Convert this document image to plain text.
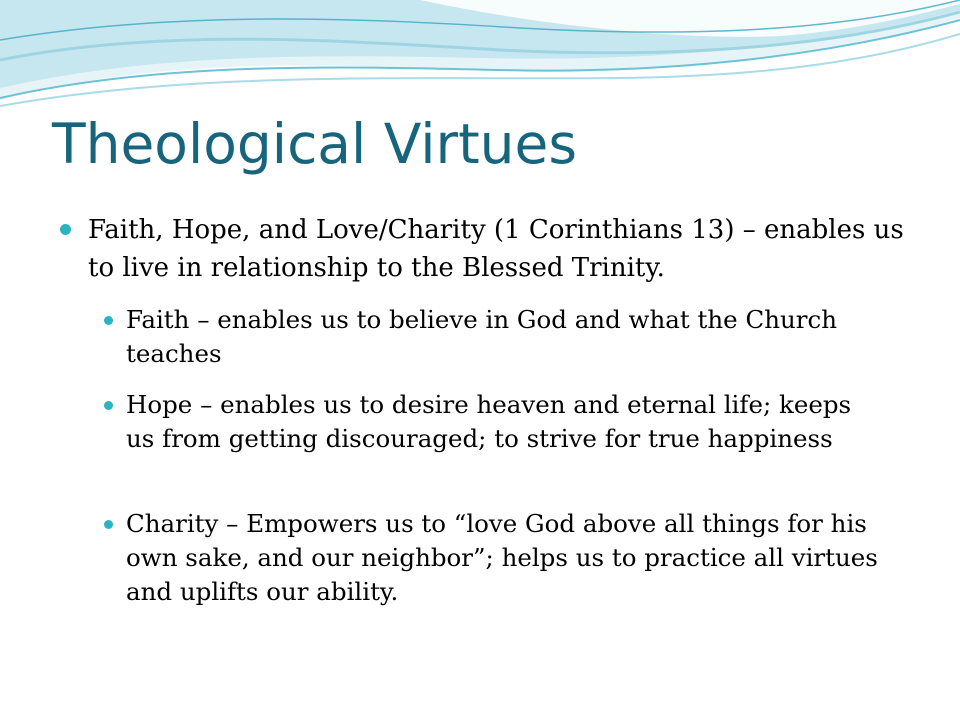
Theological Virtues

Faith, Hope, and Love/Charity (1 Corinthians 13) – enables us to live in relationship to the Blessed Trinity.

Faith – enables us to believe in God and what the Church teaches

Hope – enables us to desire heaven and eternal life; keeps us from getting discouraged; to strive for true happiness

Charity – Empowers us to “love God above all things for his own sake, and our neighbor”; helps us to practice all virtues and uplifts our ability.
